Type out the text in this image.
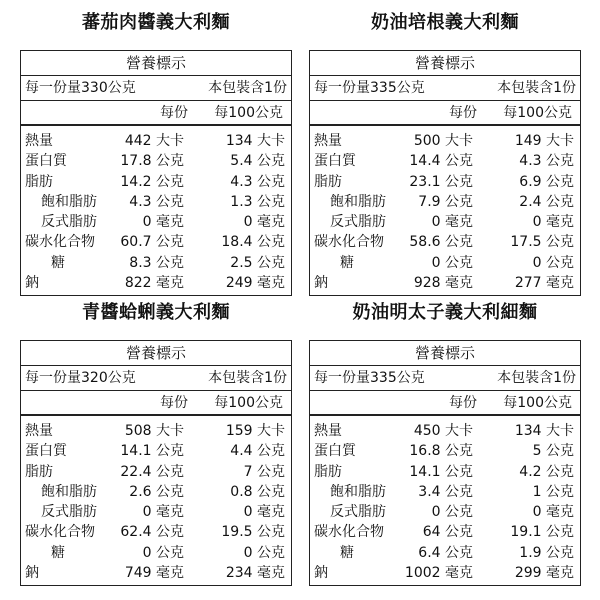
蕃茄肉醬義大利麵
營養標示
每一份量330公克	本包裝含1份
每份 每100公克
熱量	442 大卡	134 大卡
蛋白質	17.8 公克	5.4 公克
脂肪	14.2 公克	4.3 公克
飽和脂肪 4.3 公克	1.3 公克
反式脂肪	0 毫克	0 毫克
碳水化合物 60.7 公克	18.4 公克
糖	8.3 公克	2.5 公克
鈉	822 毫克	249 毫克
奶油培根義大利麵
營養標示
每一份量335公克	本包裝含1份
每份 每100公克
熱量	500 大卡	149 大卡
蛋白質	14.4 公克	4.3 公克
脂肪	23.1 公克	6.9 公克
飽和脂肪 7.9 公克	2.4 公克
反式脂肪	0 毫克	0 毫克
碳水化合物 58.6 公克	17.5 公克
糖	0 公克	0 公克
鈉	928 毫克	277 毫克
青醬蛤蜊義大利麵
營養標示
每一份量320公克	本包裝含1份
每份 每100公克
熱量	508 大卡	159 大卡
蛋白質	14.1 公克	4.4 公克
脂肪	22.4 公克	7 公克
飽和脂肪 2.6 公克	0.8 公克
反式脂肪	0 毫克	0 毫克
碳水化合物 62.4 公克	19.5 公克
糖	0 公克	0 公克
鈉	749 毫克	234 毫克
奶油明太子義大利細麵
營養標示
每一份量335公克	本包裝含1份
每份 每100公克
熱量	450 大卡	134 大卡
蛋白質	16.8 公克	5 公克
脂肪	14.1 公克	4.2 公克
飽和脂肪 3.4 公克	1 公克
反式脂肪	0 公克	0 毫克
碳水化合物	64 公克	19.1 公克
糖	6.4 公克	1.9 公克
鈉	1002 毫克	299 毫克
